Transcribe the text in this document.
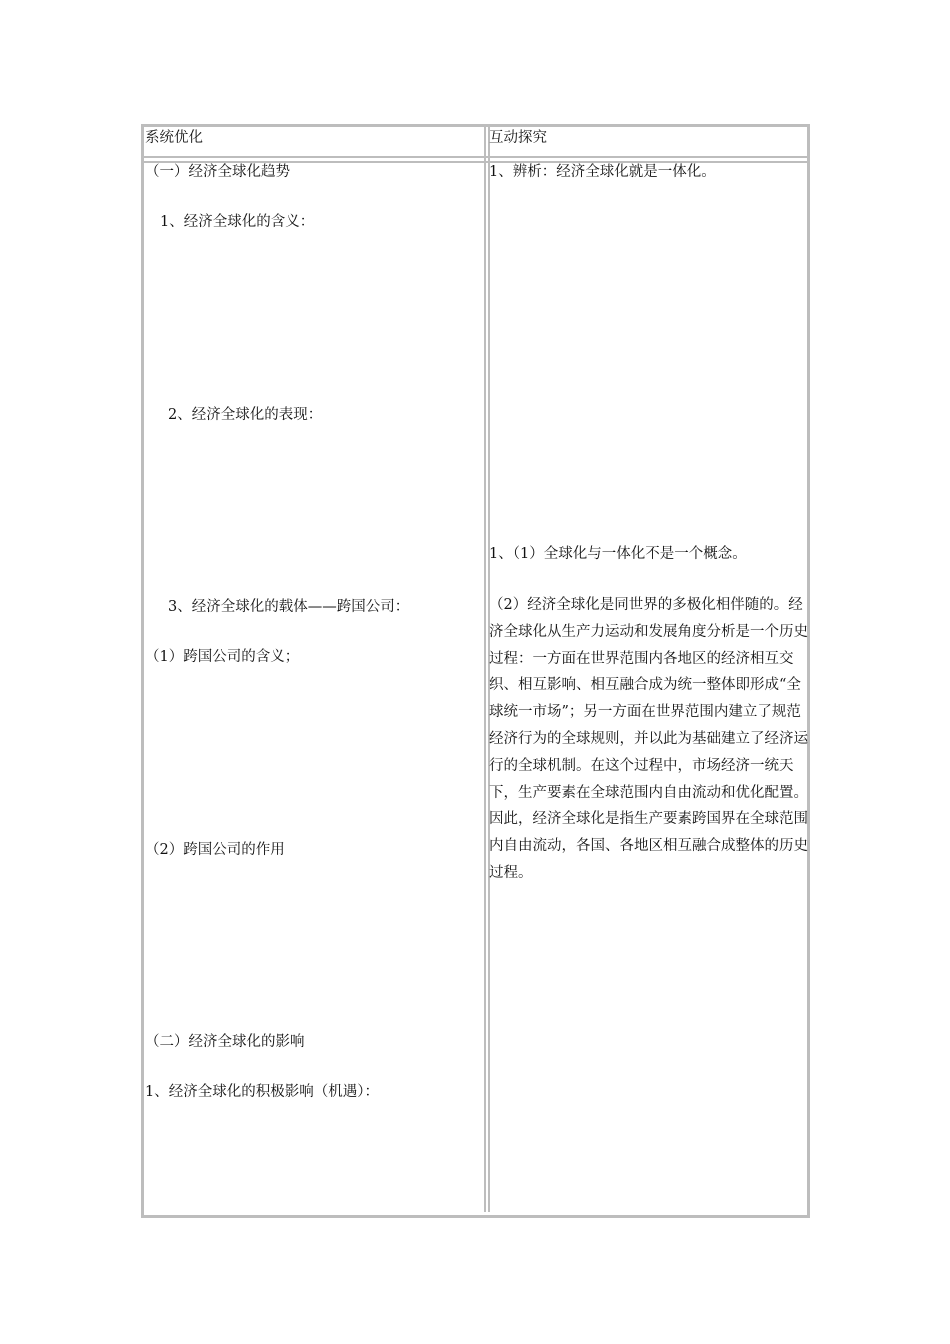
系统优化	互动探究
（一）经济全球化趋势
1、经济全球化的含义：
2、经济全球化的表现：
3、经济全球化的载体——跨国公司：
（1）跨国公司的含义；
（2）跨国公司的作用
（二）经济全球化的影响
1、经济全球化的积极影响（机遇）：
1、辨析：经济全球化就是一体化。
1、（1）全球化与一体化不是一个概念。
（2）经济全球化是同世界的多极化相伴随的。经济全球化从生产力运动和发展角度分析是一个历史过程：一方面在世界范围内各地区的经济相互交织、相互影响、相互融合成为统一整体即形成“全球统一市场”；另一方面在世界范围内建立了规范经济行为的全球规则，并以此为基础建立了经济运行的全球机制。在这个过程中，市场经济一统天下，生产要素在全球范围内自由流动和优化配置。因此，经济全球化是指生产要素跨国界在全球范围内自由流动，各国、各地区相互融合成整体的历史过程。
